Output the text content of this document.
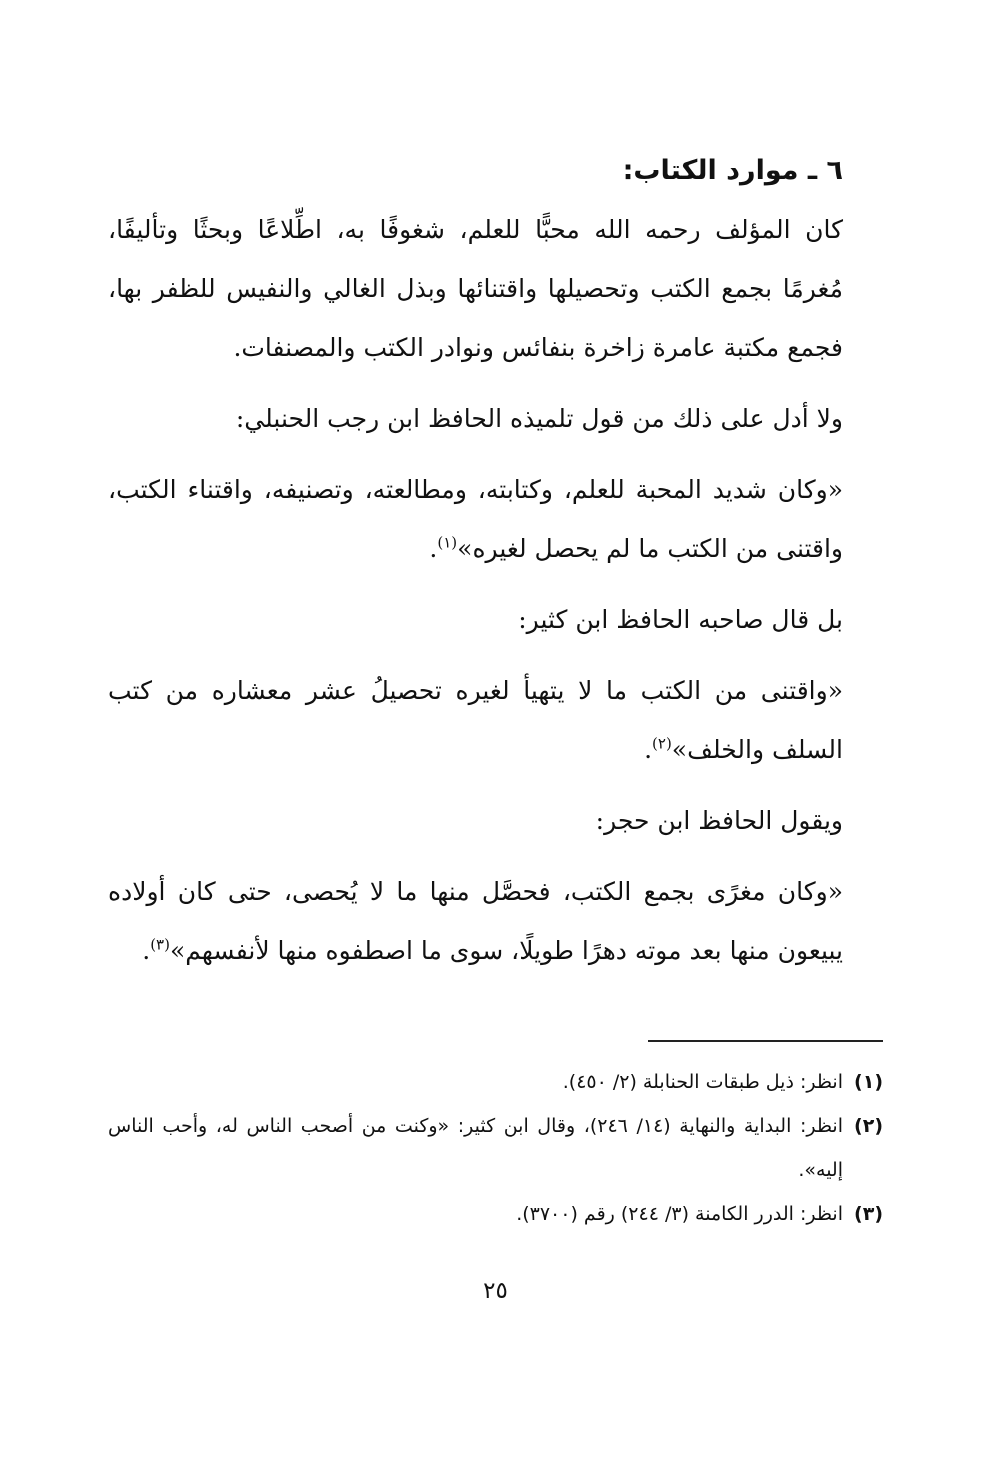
٦ ـ موارد الكتاب:

كان المؤلف رحمه الله محبًّا للعلم، شغوفًا به، اطِّلاعًا وبحثًا وتأليفًا، مُغرمًا بجمع الكتب وتحصيلها واقتنائها وبذل الغالي والنفيس للظفر بها، فجمع مكتبة عامرة زاخرة بنفائس ونوادر الكتب والمصنفات.

ولا أدل على ذلك من قول تلميذه الحافظ ابن رجب الحنبلي:

«وكان شديد المحبة للعلم، وكتابته، ومطالعته، وتصنيفه، واقتناء الكتب، واقتنى من الكتب ما لم يحصل لغيره»$^{(١)}$.

بل قال صاحبه الحافظ ابن كثير:

«واقتنى من الكتب ما لا يتهيأ لغيره تحصيلُ عشر معشاره من كتب السلف والخلف»$^{(٢)}$.

ويقول الحافظ ابن حجر:

«وكان مغرًى بجمع الكتب، فحصَّل منها ما لا يُحصى، حتى كان أولاده يبيعون منها بعد موته دهرًا طويلًا، سوى ما اصطفوه منها لأنفسهم»$^{(٣)}$.

(١)
انظر: ذيل طبقات الحنابلة (٢/ ٤٥٠).
(٢)
انظر: البداية والنهاية (١٤/ ٢٤٦)، وقال ابن كثير: «وكنت من أصحب الناس له، وأحب الناس إليه».
(٣)
انظر: الدرر الكامنة (٣/ ٢٤٤) رقم (٣٧٠٠).
٢٥
